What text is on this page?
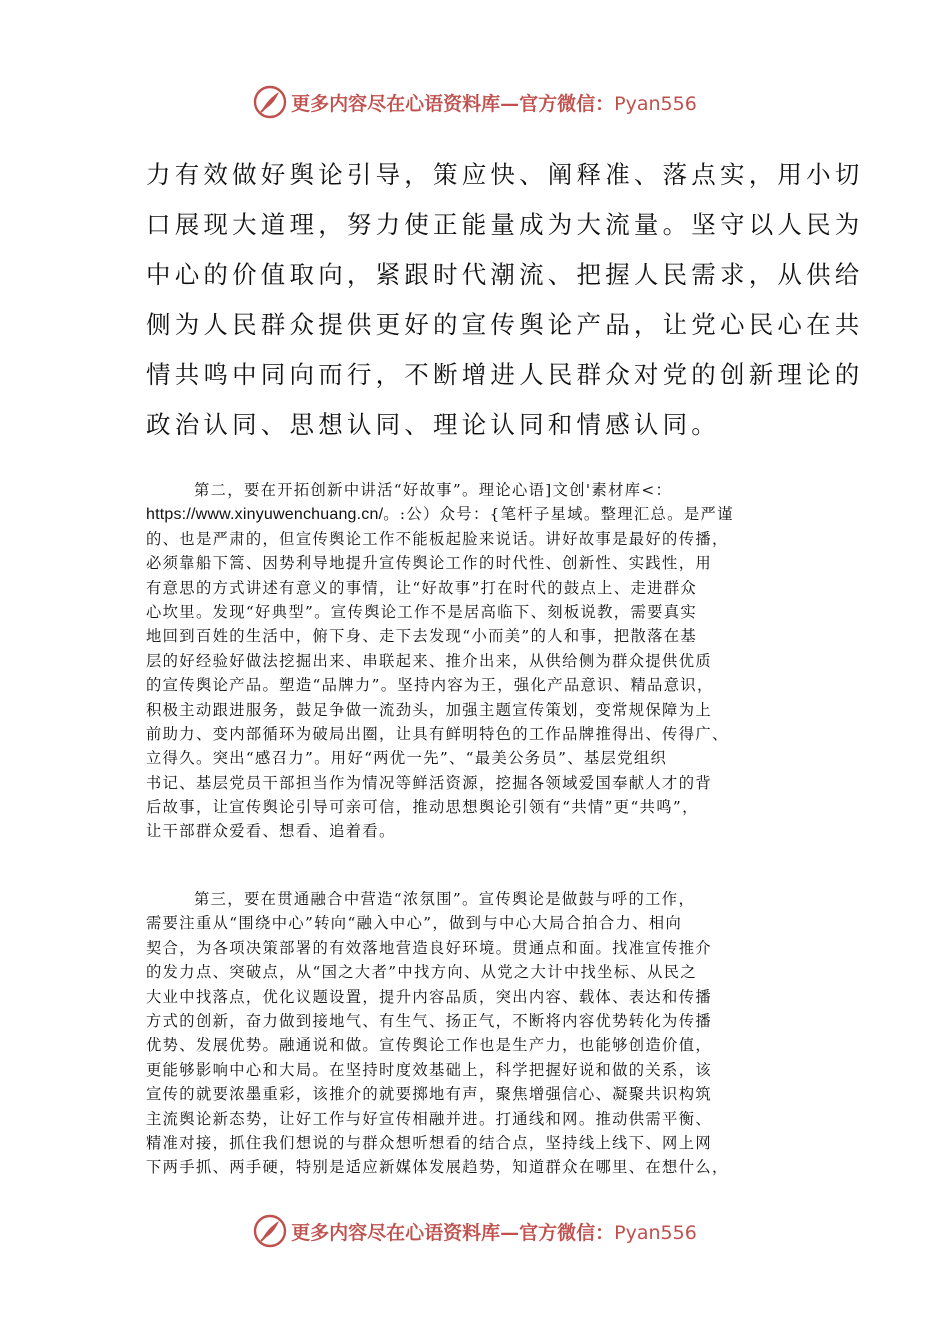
更多内容尽在心语资料库—官方微信：Pyan556
力有效做好舆论引导，策应快、阐释准、落点实，用小切
口展现大道理，努力使正能量成为大流量。坚守以人民为
中心的价值取向，紧跟时代潮流、把握人民需求，从供给
侧为人民群众提供更好的宣传舆论产品，让党心民心在共
情共鸣中同向而行，不断增进人民群众对党的创新理论的
政治认同、思想认同、理论认同和情感认同。
第二，要在开拓创新中讲活“好故事”。理论心语]文创'素材库<：
https://www.xinyuwenchuang.cn/。:公）众号：{笔杆子星域。整理汇总。是严谨
的、也是严肃的，但宣传舆论工作不能板起脸来说话。讲好故事是最好的传播，
必须靠船下篙、因势利导地提升宣传舆论工作的时代性、创新性、实践性，用
有意思的方式讲述有意义的事情，让“好故事”打在时代的鼓点上、走进群众
心坎里。发现“好典型”。宣传舆论工作不是居高临下、刻板说教，需要真实
地回到百姓的生活中，俯下身、走下去发现“小而美”的人和事，把散落在基
层的好经验好做法挖掘出来、串联起来、推介出来，从供给侧为群众提供优质
的宣传舆论产品。塑造“品牌力”。坚持内容为王，强化产品意识、精品意识，
积极主动跟进服务，鼓足争做一流劲头，加强主题宣传策划，变常规保障为上
前助力、变内部循环为破局出圈，让具有鲜明特色的工作品牌推得出、传得广、
立得久。突出“感召力”。用好“两优一先”、“最美公务员”、基层党组织
书记、基层党员干部担当作为情况等鲜活资源，挖掘各领域爱国奉献人才的背
后故事，让宣传舆论引导可亲可信，推动思想舆论引领有“共情”更“共鸣”，
让干部群众爱看、想看、追着看。
第三，要在贯通融合中营造“浓氛围”。宣传舆论是做鼓与呼的工作，
需要注重从“围绕中心”转向“融入中心”，做到与中心大局合拍合力、相向
契合，为各项决策部署的有效落地营造良好环境。贯通点和面。找准宣传推介
的发力点、突破点，从“国之大者”中找方向、从党之大计中找坐标、从民之
大业中找落点，优化议题设置，提升内容品质，突出内容、载体、表达和传播
方式的创新，奋力做到接地气、有生气、扬正气，不断将内容优势转化为传播
优势、发展优势。融通说和做。宣传舆论工作也是生产力，也能够创造价值，
更能够影响中心和大局。在坚持时度效基础上，科学把握好说和做的关系，该
宣传的就要浓墨重彩，该推介的就要掷地有声，聚焦增强信心、凝聚共识构筑
主流舆论新态势，让好工作与好宣传相融并进。打通线和网。推动供需平衡、
精准对接，抓住我们想说的与群众想听想看的结合点，坚持线上线下、网上网
下两手抓、两手硬，特别是适应新媒体发展趋势，知道群众在哪里、在想什么，
更多内容尽在心语资料库—官方微信：Pyan556
